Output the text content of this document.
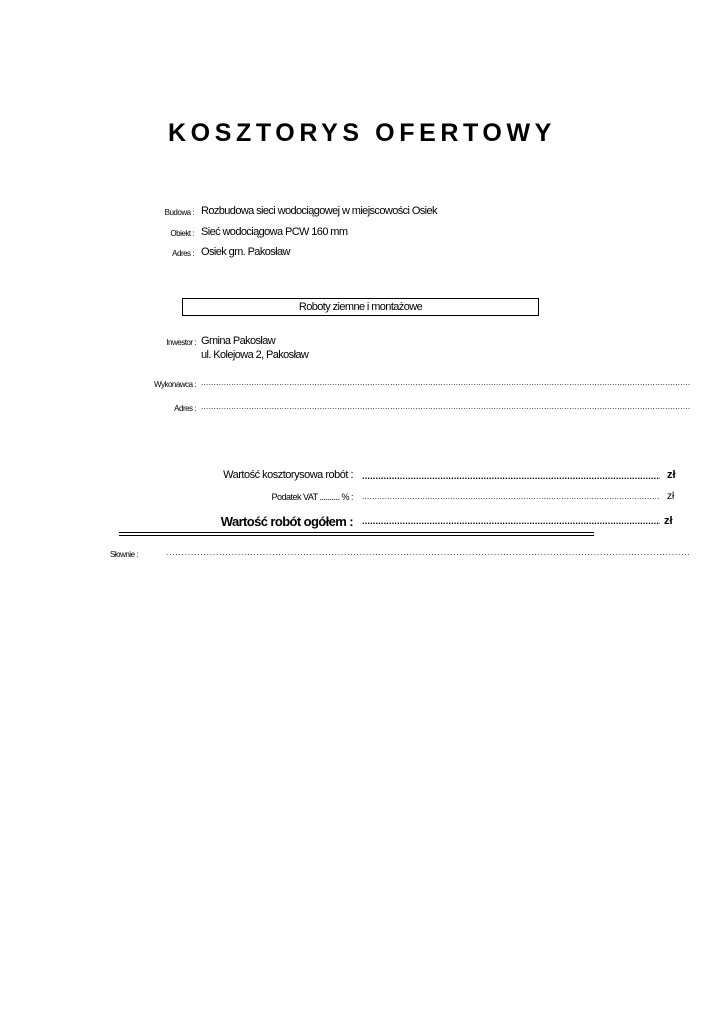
KOSZTORYS OFERTOWY
Budowa : Rozbudowa sieci wodociągowej w miejscowości Osiek
Obiekt : Sieć wodociągowa PCW 160 mm
Adres : Osiek gm. Pakosław
Roboty ziemne i montażowe
Inwestor : Gmina Pakosław
ul. Kolejowa 2, Pakosław
Wykonawca :
.....
Adres :
.....
Wartość kosztorysowa robót : .....	zł
Podatek VAT .......... % : .....	zł
Wartość robót ogółem : .....	zł
Słownie :
.....
